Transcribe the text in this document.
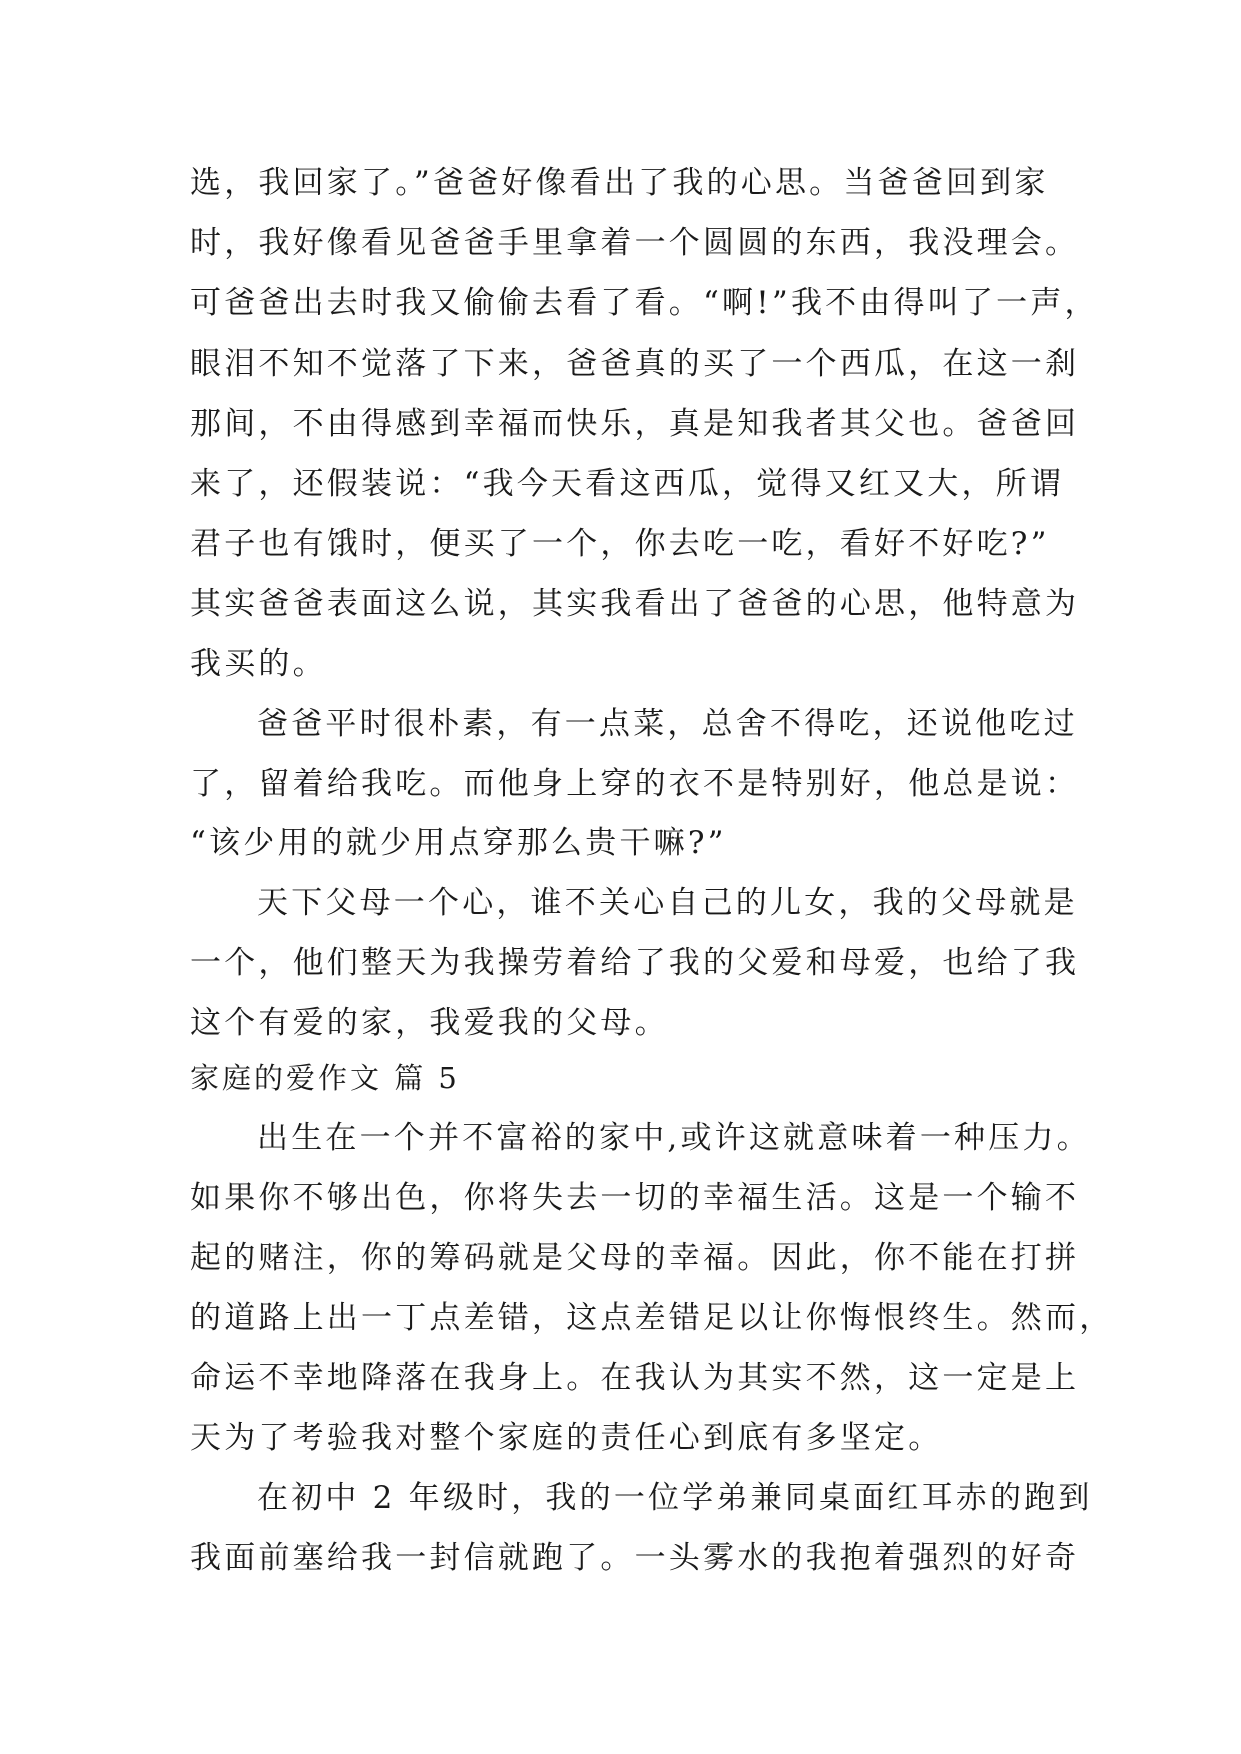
选，我回家了。”爸爸好像看出了我的心思。当爸爸回到家
时，我好像看见爸爸手里拿着一个圆圆的东西，我没理会。
可爸爸出去时我又偷偷去看了看。“啊!”我不由得叫了一声，
眼泪不知不觉落了下来，爸爸真的买了一个西瓜，在这一刹
那间，不由得感到幸福而快乐，真是知我者其父也。爸爸回
来了，还假装说：“我今天看这西瓜，觉得又红又大，所谓
君子也有饿时，便买了一个，你去吃一吃，看好不好吃?”
其实爸爸表面这么说，其实我看出了爸爸的心思，他特意为
我买的。
爸爸平时很朴素，有一点菜，总舍不得吃，还说他吃过
了，留着给我吃。而他身上穿的衣不是特别好，他总是说：
“该少用的就少用点穿那么贵干嘛?”
天下父母一个心，谁不关心自己的儿女，我的父母就是
一个，他们整天为我操劳着给了我的父爱和母爱，也给了我
这个有爱的家，我爱我的父母。
家庭的爱作文 篇 5
出生在一个并不富裕的家中,或许这就意味着一种压力。
如果你不够出色，你将失去一切的幸福生活。这是一个输不
起的赌注，你的筹码就是父母的幸福。因此，你不能在打拼
的道路上出一丁点差错，这点差错足以让你悔恨终生。然而，
命运不幸地降落在我身上。在我认为其实不然，这一定是上
天为了考验我对整个家庭的责任心到底有多坚定。
在初中 2 年级时，我的一位学弟兼同桌面红耳赤的跑到
我面前塞给我一封信就跑了。一头雾水的我抱着强烈的好奇
